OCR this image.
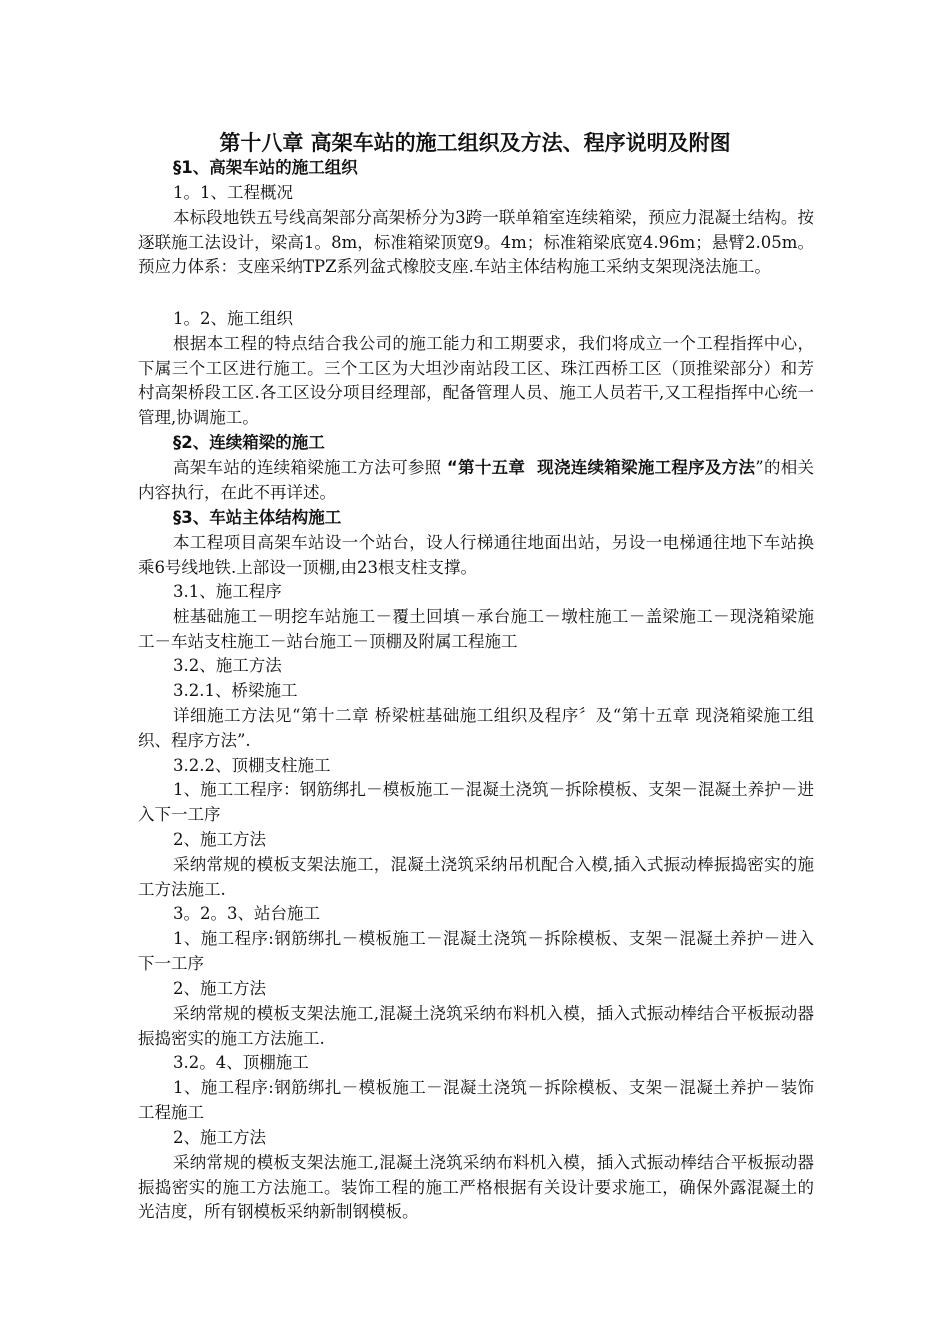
第十八章 高架车站的施工组织及方法、程序说明及附图
§1、高架车站的施工组织
1。1、工程概况
本标段地铁五号线高架部分高架桥分为3跨一联单箱室连续箱梁，预应力混凝土结构。按逐联施工法设计，梁高1。8m，标准箱梁顶宽9。4m；标准箱梁底宽4.96m；悬臂2.05m。预应力体系：支座采纳TPZ系列盆式橡胶支座.车站主体结构施工采纳支架现浇法施工。
1。2、施工组织
根据本工程的特点结合我公司的施工能力和工期要求，我们将成立一个工程指挥中心，下属三个工区进行施工。三个工区为大坦沙南站段工区、珠江西桥工区（顶推梁部分）和芳村高架桥段工区.各工区设分项目经理部，配备管理人员、施工人员若干,又工程指挥中心统一管理,协调施工。
§2、连续箱梁的施工
高架车站的连续箱梁施工方法可参照 “第十五章  现浇连续箱梁施工程序及方法”的相关内容执行，在此不再详述。
§3、车站主体结构施工
本工程项目高架车站设一个站台，设人行梯通往地面出站，另设一电梯通往地下车站换乘6号线地铁.上部设一顶棚,由23根支柱支撑。
3.1、施工程序
桩基础施工－明挖车站施工－覆土回填－承台施工－墩柱施工－盖梁施工－现浇箱梁施工－车站支柱施工－站台施工－顶棚及附属工程施工
3.2、施工方法
3.2.1、桥梁施工
详细施工方法见“第十二章 桥梁桩基础施工组织及程序〞及“第十五章 现浇箱梁施工组织、程序方法”.
3.2.2、顶棚支柱施工
1、施工工程序：钢筋绑扎－模板施工－混凝土浇筑－拆除模板、支架－混凝土养护－进入下一工序
2、施工方法
采纳常规的模板支架法施工，混凝土浇筑采纳吊机配合入模,插入式振动棒振捣密实的施工方法施工.
3。2。3、站台施工
1、施工程序:钢筋绑扎－模板施工－混凝土浇筑－拆除模板、支架－混凝土养护－进入下一工序
2、施工方法
采纳常规的模板支架法施工,混凝土浇筑采纳布料机入模，插入式振动棒结合平板振动器振捣密实的施工方法施工.
3.2。4、顶棚施工
1、施工程序:钢筋绑扎－模板施工－混凝土浇筑－拆除模板、支架－混凝土养护－装饰工程施工
2、施工方法
采纳常规的模板支架法施工,混凝土浇筑采纳布料机入模，插入式振动棒结合平板振动器振捣密实的施工方法施工。装饰工程的施工严格根据有关设计要求施工，确保外露混凝土的光洁度，所有钢模板采纳新制钢模板。
